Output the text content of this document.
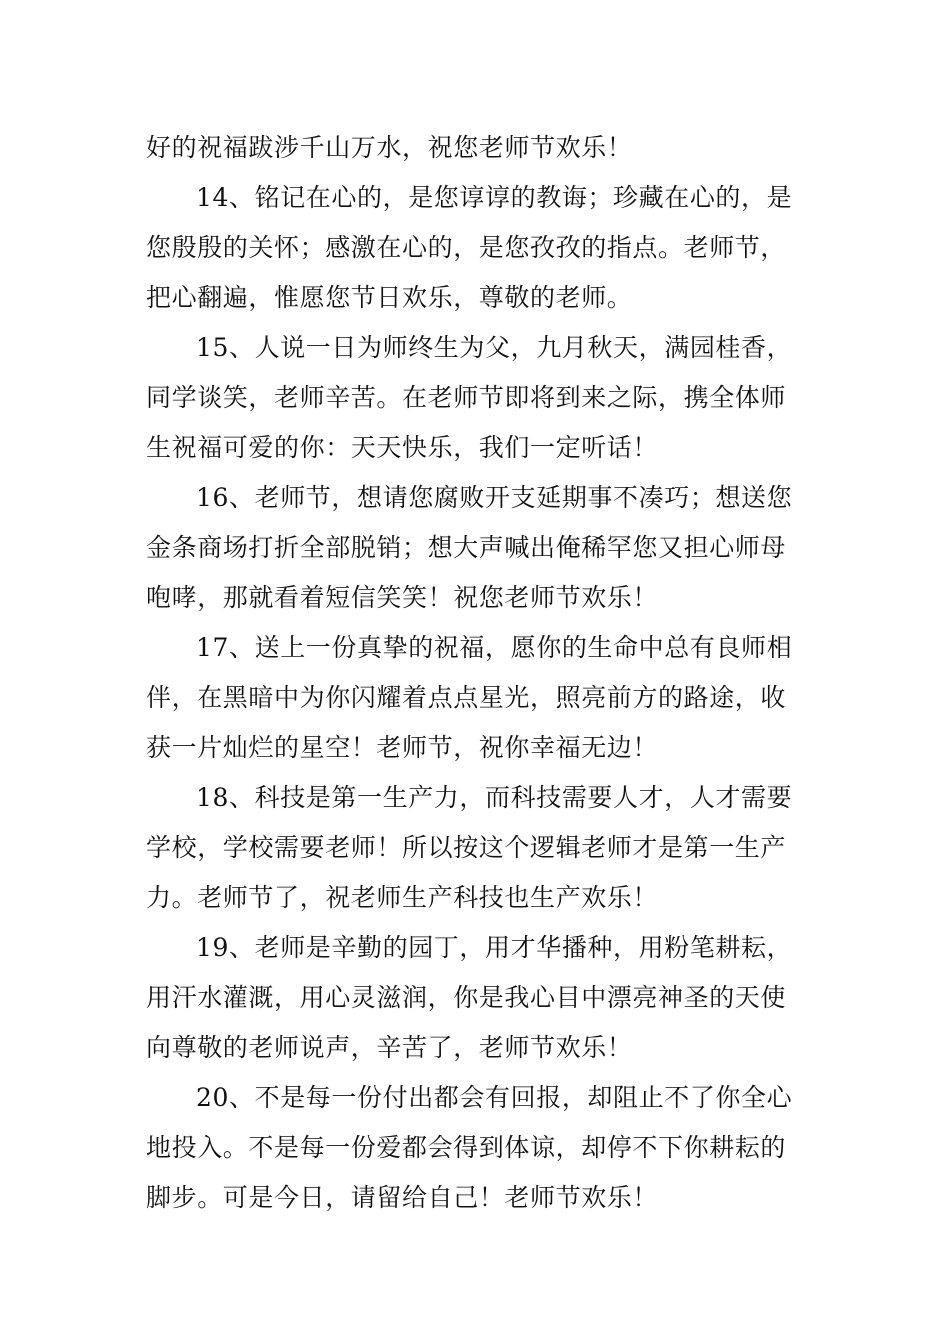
好的祝福跋涉千山万水，祝您老师节欢乐！
14、铭记在心的，是您谆谆的教诲；珍藏在心的，是
您殷殷的关怀；感激在心的，是您孜孜的指点。老师节，
把心翻遍，惟愿您节日欢乐，尊敬的老师。
15、人说一日为师终生为父，九月秋天，满园桂香，
同学谈笑，老师辛苦。在老师节即将到来之际，携全体师
生祝福可爱的你：天天快乐，我们一定听话！
16、老师节，想请您腐败开支延期事不凑巧；想送您
金条商场打折全部脱销；想大声喊出俺稀罕您又担心师母
咆哮，那就看着短信笑笑！祝您老师节欢乐！
17、送上一份真挚的祝福，愿你的生命中总有良师相
伴，在黑暗中为你闪耀着点点星光，照亮前方的路途，收
获一片灿烂的星空！老师节，祝你幸福无边！
18、科技是第一生产力，而科技需要人才，人才需要
学校，学校需要老师！所以按这个逻辑老师才是第一生产
力。老师节了，祝老师生产科技也生产欢乐！
19、老师是辛勤的园丁，用才华播种，用粉笔耕耘，
用汗水灌溉，用心灵滋润，你是我心目中漂亮神圣的天使
向尊敬的老师说声，辛苦了，老师节欢乐！
20、不是每一份付出都会有回报，却阻止不了你全心
地投入。不是每一份爱都会得到体谅，却停不下你耕耘的
脚步。可是今日，请留给自己！老师节欢乐！
